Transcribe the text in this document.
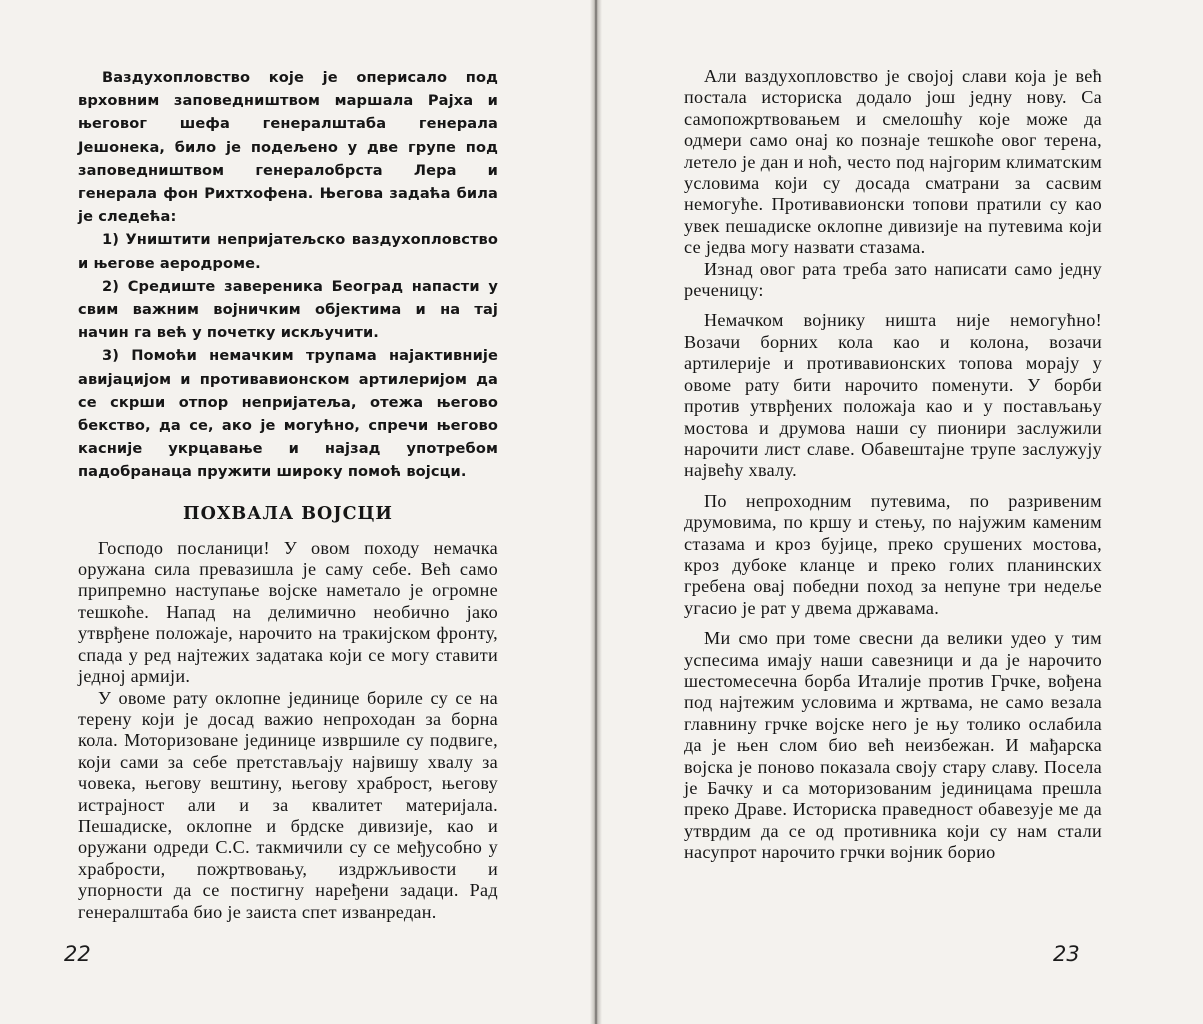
Ваздухопловство које је оперисало под врховним заповедништвом маршала Рајха и његовог шефа генералштаба генерала Јешонека, било је подељено у две групе под заповедништвом генералобрста Лера и генерала фон Рихтхофена. Његова задаћа била је следећа:

1) Уништити непријатељско ваздухопловство и његове аеродроме.

2) Средиште завереника Београд напасти у свим важним војничким објектима и на тај начин га већ у почетку искључити.

3) Помоћи немачким трупама најактивније авијацијом и противавионском артилеријом да се скрши отпор непријатеља, отежа његово бекство, да се, ако је могућно, спречи његово касније укрцавање и најзад употребом падобранаца пружити широку помоћ војсци.

ПОХВАЛА ВОЈСЦИ

Господо посланици! У овом походу немачка оружана сила превазишла је саму себе. Већ само припремно наступање војске наметало је огромне тешкоће. Напад на делимично необично јако утврђене положаје, нарочито на тракиjском фронту, спада у ред најтежих задатака који се могу ставити једној армији.

У овоме рату оклопне јединице бориле су се на терену који је досад важио непроходан за борна кола. Моторизоване јединице извршиле су подвиге, који сами за себе претстављају највишу хвалу за човека, његову вештину, његову храброст, његову истрајност али и за квалитет материјала. Пешадиске, оклопне и брдске дивизије, као и оружани одреди С.С. такмичили су се међусобно у храбрости, пожртвовању, издржљивости и упорности да се постигну наређени задаци. Рад генералштаба био је заиста спет изванредан.

22

Али ваздухопловство је својој слави која је већ постала историска додало још једну нову. Са самопожртвовањем и смелошћу које може да одмери само онај ко познаје тешкоће овог терена, летело је дан и ноћ, често под најгорим климатским условима који су досада сматрани за сасвим немогуће. Противавионски топови пратили су као увек пешадиске оклопне дивизије на путевима који се једва могу назвати стазама.

Изнад овог рата треба зато написати само једну реченицу:

Немачком војнику ништа није немогућно! Возачи борних кола као и колона, возачи артилерије и противавионских топова морају у овоме рату бити нарочито поменути. У борби против утврђених положаја као и у постављању мостова и друмова наши су пионири заслужили нарочити лист славе. Обавештајне трупе заслужују највећу хвалу.

По непроходним путевима, по разривеним друмовима, по кршу и стењу, по најужим каменим стазама и кроз бујице, преко срушених мостова, кроз дубоке кланце и преко голих планинских гребена овај победни поход за непуне три недеље угасио је рат у двема државама.

Ми смо при томе свесни да велики удео у тим успесима имају наши савезници и да је нарочито шестомесечна борба Италије против Грчке, вођена под најтежим условима и жртвама, не само везала главнину грчке војске него је њу толико ослабила да је њен слом био већ неизбежан. И мађарска војска је поново показала своју стару славу. Посела је Бачку и са моторизованим јединицама прешла преко Драве. Историска праведност обавезује ме да утврдим да се од противника који су нам стали насупрот нарочито грчки војник борио

23
